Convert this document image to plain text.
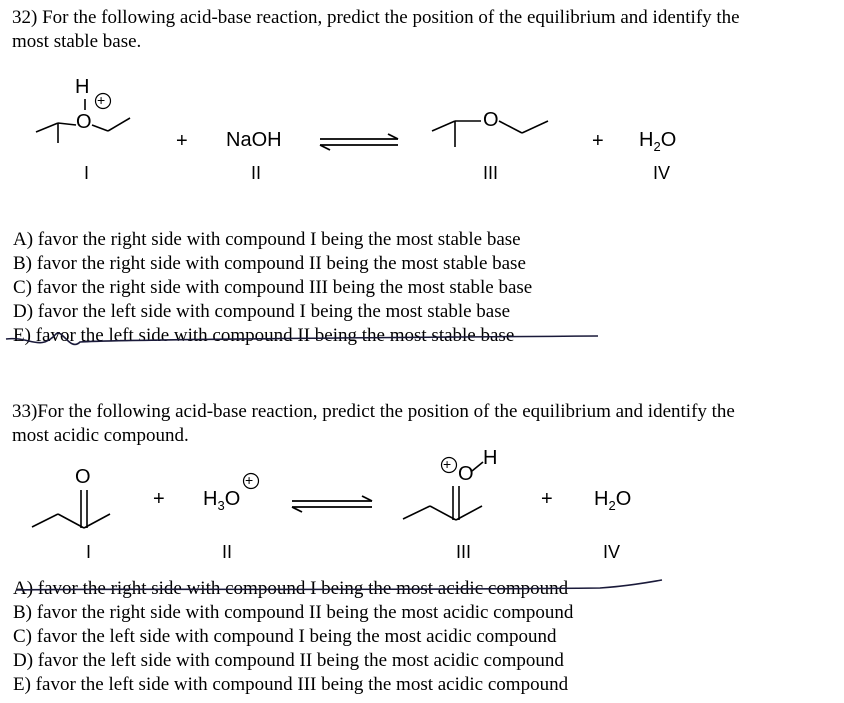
32) For the following acid-base reaction, predict the position of the equilibrium and identify the
most stable base.
H
O
+
+ NaOH
O
+ $H_2O$
I	II	III	IV
A) favor the right side with compound I being the most stable base
B) favor the right side with compound II being the most stable base
C) favor the right side with compound III being the most stable base
D) favor the left side with compound I being the most stable base
E) favor the left side with compound II being the most stable base
33)For the following acid-base reaction, predict the position of the equilibrium and identify the
most acidic compound.
O
+ $H_3O$
+	O
H
+
+ $H_2O$
I	II	III	IV
A) favor the right side with compound I being the most acidic compound
B) favor the right side with compound II being the most acidic compound
C) favor the left side with compound I being the most acidic compound
D) favor the left side with compound II being the most acidic compound
E) favor the left side with compound III being the most acidic compound
